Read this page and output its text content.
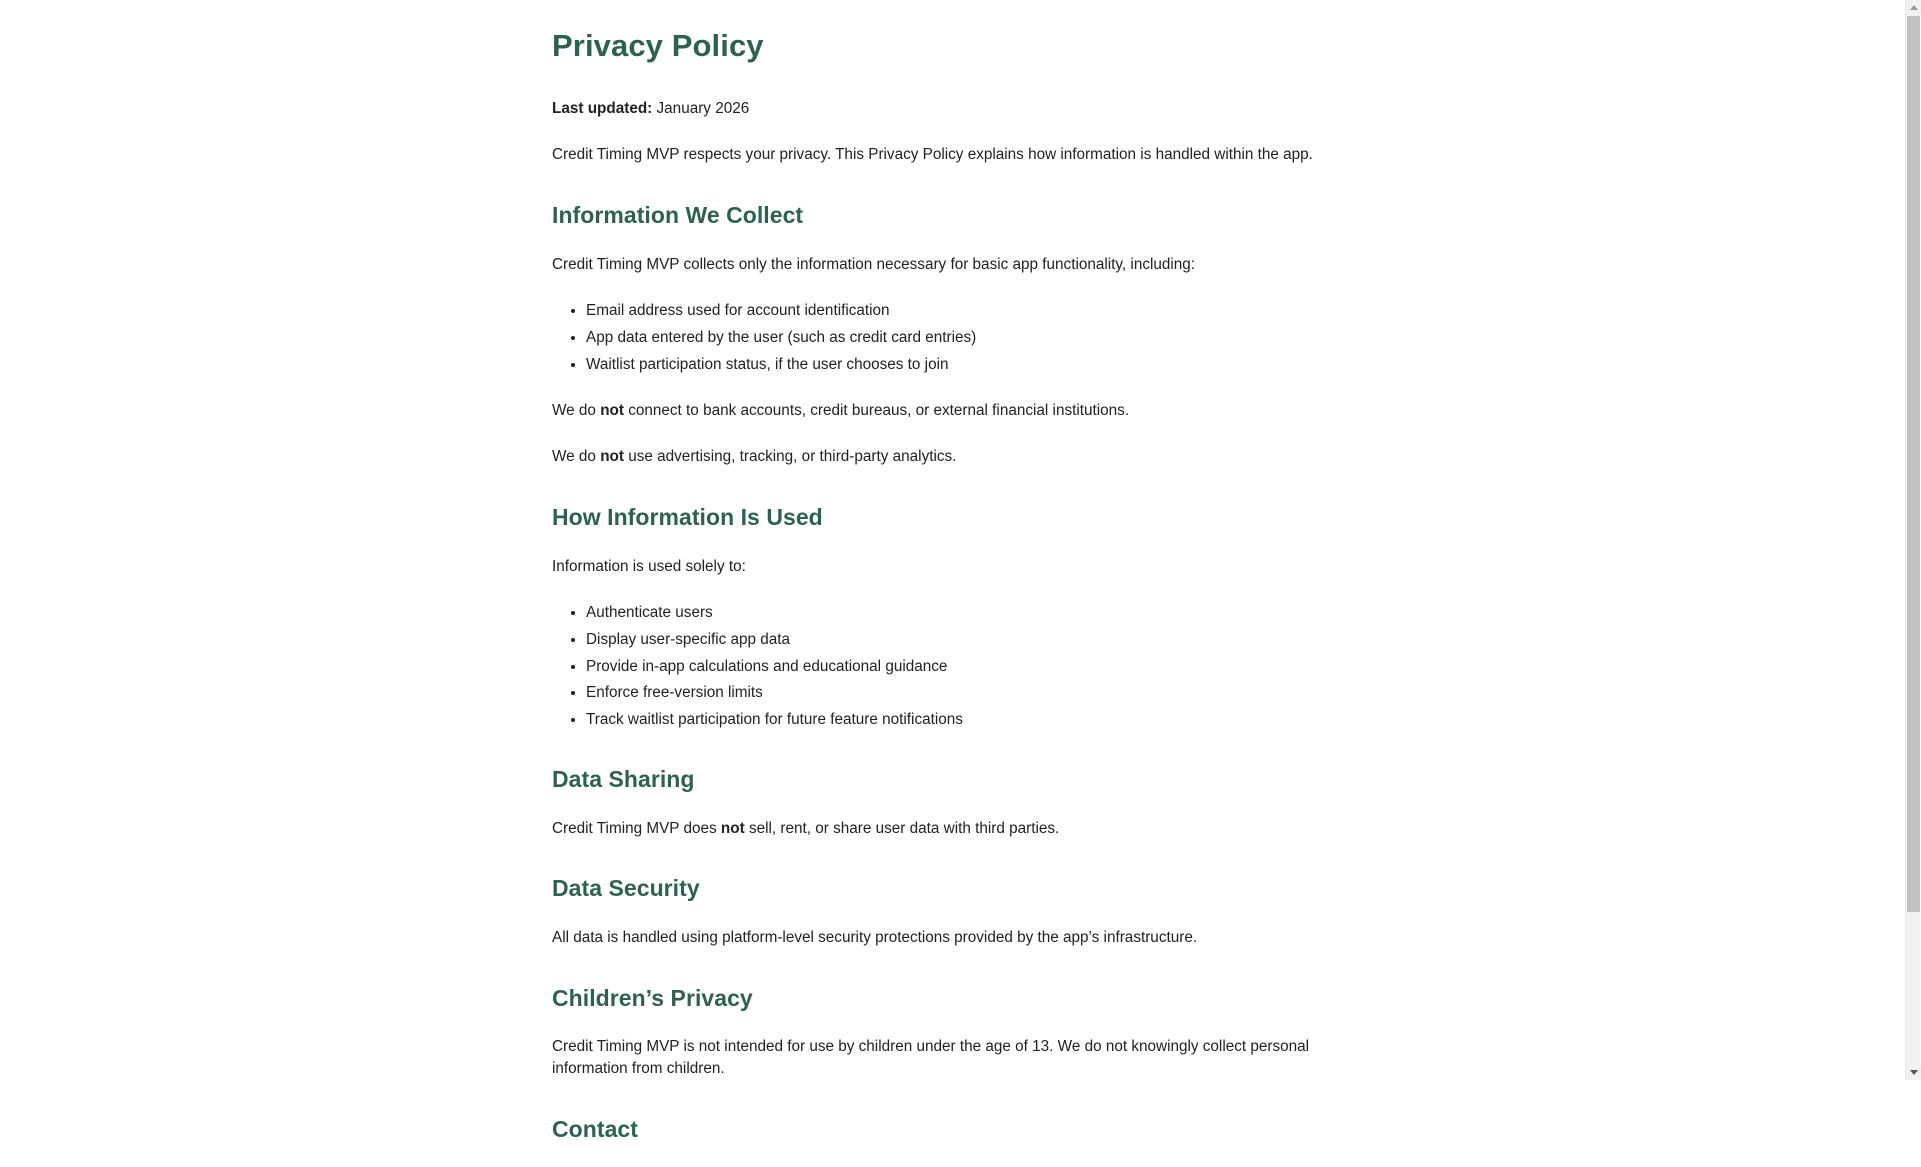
Privacy Policy

Last updated: January 2026

Credit Timing MVP respects your privacy. This Privacy Policy explains how information is handled within the app.

Information We Collect

Credit Timing MVP collects only the information necessary for basic app functionality, including:

• Email address used for account identification
• App data entered by the user (such as credit card entries)
• Waitlist participation status, if the user chooses to join

We do not connect to bank accounts, credit bureaus, or external financial institutions.

We do not use advertising, tracking, or third-party analytics.

How Information Is Used

Information is used solely to:

• Authenticate users
• Display user-specific app data
• Provide in-app calculations and educational guidance
• Enforce free-version limits
• Track waitlist participation for future feature notifications
Data Sharing

Credit Timing MVP does not sell, rent, or share user data with third parties.

Data Security

All data is handled using platform-level security protections provided by the app’s infrastructure.

Children’s Privacy

Credit Timing MVP is not intended for use by children under the age of 13. We do not knowingly collect personal information from children.

Contact
